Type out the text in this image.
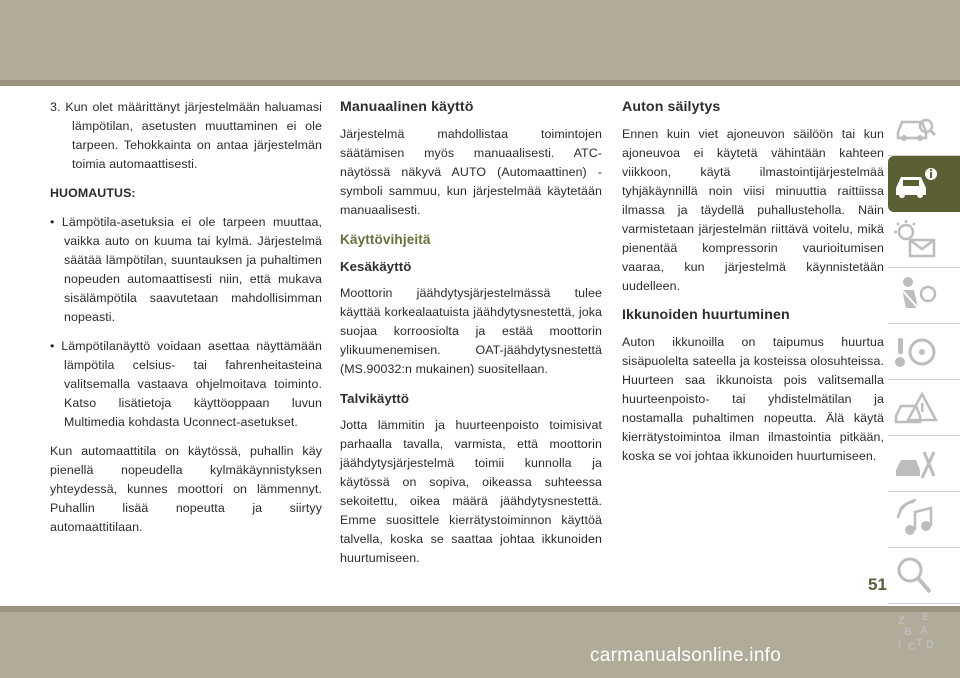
3. Kun olet määrittänyt järjestelmään haluamasi lämpötilan, asetusten muuttaminen ei ole tarpeen. Tehokkainta on antaa järjestelmän toimia automaattisesti.

HUOMAUTUS:

• Lämpötila-asetuksia ei ole tarpeen muuttaa, vaikka auto on kuuma tai kylmä. Järjestelmä säätää lämpötilan, suuntauksen ja puhaltimen nopeuden automaattisesti niin, että mukava sisälämpötila saavutetaan mahdollisimman nopeasti.

• Lämpötilanäyttö voidaan asettaa näyttämään lämpötila celsius- tai fahrenheitasteina valitsemalla vastaava ohjelmoitava toiminto. Katso lisätietoja käyttöoppaan luvun Multimedia kohdasta Uconnect-asetukset.

Kun automaattitila on käytössä, puhallin käy pienellä nopeudella kylmäkäynnistyksen yhteydessä, kunnes moottori on lämmennyt. Puhallin lisää nopeutta ja siirtyy automaattitilaan.

Manuaalinen käyttö

Järjestelmä mahdollistaa toimintojen säätämisen myös manuaalisesti. ATC-näytössä näkyvä AUTO (Automaattinen) -symboli sammuu, kun järjestelmää käytetään manuaalisesti.

Käyttövihjeitä
Kesäkäyttö

Moottorin jäähdytysjärjestelmässä tulee käyttää korkealaatuista jäähdytysnestettä, joka suojaa korroosiolta ja estää moottorin ylikuumenemisen. OAT-jäähdytysnestettä (MS.90032:n mukainen) suositellaan.

Talvikäyttö

Jotta lämmitin ja huurteenpoisto toimisivat parhaalla tavalla, varmista, että moottorin jäähdytysjärjestelmä toimii kunnolla ja käytössä on sopiva, oikeassa suhteessa sekoitettu, oikea määrä jäähdytysnestettä. Emme suosittele kierrätystoiminnon käyttöä talvella, koska se saattaa johtaa ikkunoiden huurtumiseen.

Auton säilytys

Ennen kuin viet ajoneuvon säilöön tai kun ajoneuvoa ei käytetä vähintään kahteen viikkoon, käytä ilmastointijärjestelmää tyhjäkäynnillä noin viisi minuuttia raittiissa ilmassa ja täydellä puhallusteholla. Näin varmistetaan järjestelmän riittävä voitelu, mikä pienentää kompressorin vaurioitumisen vaaraa, kun järjestelmä käynnistetään uudelleen.

Ikkunoiden huurtuminen

Auton ikkunoilla on taipumus huurtua sisäpuolelta sateella ja kosteissa olosuhteissa. Huurteen saa ikkunoista pois valitsemalla huurteenpoisto- tai yhdistelmätilan ja nostamalla puhaltimen nopeutta. Älä käytä kierrätystoimintoa ilman ilmastointia pitkään, koska se voi johtaa ikkunoiden huurtumiseen.

Z E
B A
I C T D
51
carmanualsonline.info
